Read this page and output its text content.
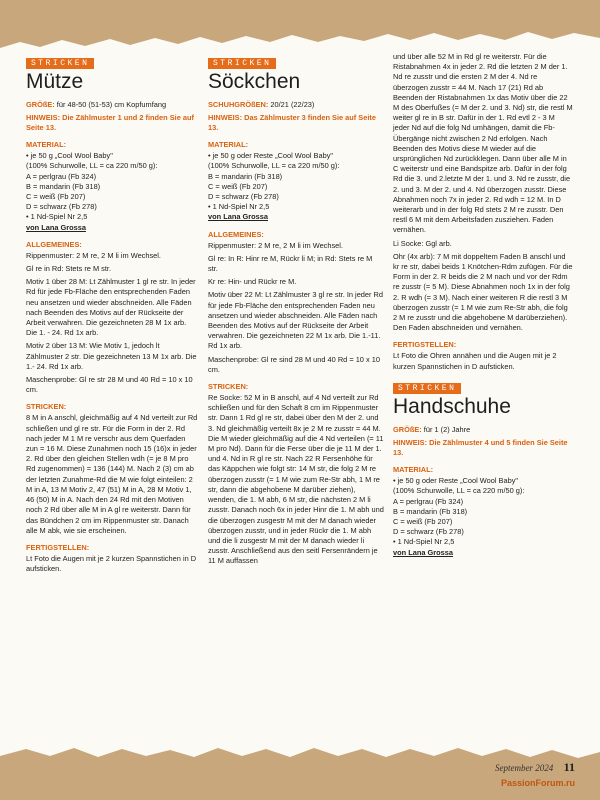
STRICKEN
Mütze

GRÖßE: für 48-50 (51-53) cm Kopfumfang

HINWEIS: Die Zählmuster 1 und 2 finden Sie auf Seite 13.

MATERIAL:
• je 50 g „Cool Wool Baby"
(100% Schurwolle, LL = ca 220 m/50 g):
A = perlgrau (Fb 324)
B = mandarin (Fb 318)
C = weiß (Fb 207)
D = schwarz (Fb 278)
• 1 Nd-Spiel Nr 2,5
von Lana Grossa
ALLGEMEINES:

Rippenmuster: 2 M re, 2 M li im Wechsel.

Gl re in Rd: Stets re M str.

Motiv 1 über 28 M: Lt Zählmuster 1 gl re str. In jeder Rd für jede Fb-Fläche den entsprechenden Faden neu ansetzen und wieder abschneiden. Alle Fäden nach Beenden des Motivs auf der Rückseite der Arbeit verwahren. Die gezeichneten 28 M 1x arb. Die 1. - 24. Rd 1x arb.

Motiv 2 über 13 M: Wie Motiv 1, jedoch lt Zählmuster 2 str. Die gezeichneten 13 M 1x arb. Die 1.- 24. Rd 1x arb.

Maschenprobe: Gl re str 28 M und 40 Rd = 10 x 10 cm.

STRICKEN:

8 M in A anschl, gleichmäßig auf 4 Nd verteilt zur Rd schließen und gl re str. Für die Form in der 2. Rd nach jeder M 1 M re verschr aus dem Querfaden zun = 16 M. Diese Zunahmen noch 15 (16)x in jeder 2. Rd über den gleichen Stellen wdh (= je 8 M pro Rd zugenommen) = 136 (144) M. Nach 2 (3) cm ab der letzten Zunahme-Rd die M wie folgt einteilen: 2 M in A, 13 M Motiv 2, 47 (51) M in A, 28 M Motiv 1, 46 (50) M in A. Nach den 24 Rd mit den Motiven noch 2 Rd über alle M in A gl re weiterstr. Dann für das Bündchen 2 cm im Rippenmuster str. Danach alle M abk, wie sie erscheinen.

FERTIGSTELLEN:

Lt Foto die Augen mit je 2 kurzen Spannstichen in D aufsticken.

STRICKEN
Söckchen

SCHUHGRÖßEN: 20/21 (22/23)

HINWEIS: Das Zählmuster 3 finden Sie auf Seite 13.

MATERIAL:
• je 50 g oder Reste „Cool Wool Baby"
(100% Schurwolle, LL = ca 220 m/50 g):
B = mandarin (Fb 318)
C = weiß (Fb 207)
D = schwarz (Fb 278)
• 1 Nd-Spiel Nr 2,5
von Lana Grossa
ALLGEMEINES:

Rippenmuster: 2 M re, 2 M li im Wechsel.

Gl re: In R: Hinr re M, Rückr li M; in Rd: Stets re M str.

Kr re: Hin- und Rückr re M.

Motiv über 22 M: Lt Zählmuster 3 gl re str. In jeder Rd für jede Fb-Fläche den entsprechenden Faden neu ansetzen und wieder abschneiden. Alle Fäden nach Beenden des Motivs auf der Rückseite der Arbeit verwahren. Die gezeichneten 22 M 1x arb. Die 1.-11. Rd 1x arb.

Maschenprobe: Gl re sind 28 M und 40 Rd = 10 x 10 cm.

STRICKEN:

Re Socke: 52 M in B anschl, auf 4 Nd verteilt zur Rd schließen und für den Schaft 8 cm im Rippenmuster str. Dann 1 Rd gl re str, dabei über den M der 2. und 3. Nd gleichmäßig verteilt 8x je 2 M re zusstr = 44 M. Die M wieder gleichmäßig auf die 4 Nd verteilen (= 11 M pro Nd). Dann für die Ferse über die je 11 M der 1. und 4. Nd in R gl re str. Nach 22 R Fersenhöhe für das Käppchen wie folgt str: 14 M str, die folg 2 M re überzogen zusstr (= 1 M wie zum Re-Str abh, 1 M re str, dann die abgehobene M darüber ziehen), wenden, die 1. M abh, 6 M str, die nächsten 2 M li zusstr. Danach noch 6x in jeder Hinr die 1. M abh und die überzogen zusgestr M mit der M danach wieder überzogen zusstr, und in jeder Rückr die 1. M abh und die li zusgestr M mit der M danach wieder li zusstr. Anschließend aus den seitl Fersenrändern je 11 M auffassen

und über alle 52 M in Rd gl re weiterstr. Für die Ristabnahmen 4x in jeder 2. Rd die letzten 2 M der 1. Nd re zusstr und die ersten 2 M der 4. Nd re überzogen zusstr = 44 M. Nach 17 (21) Rd ab Beenden der Ristabnahmen 1x das Motiv über die 22 M des Oberfußes (= M der 2. und 3. Nd) str, die restl M weiter gl re in B str. Dafür in der 1. Rd evtl 2 - 3 M jeder Nd auf die folg Nd umhängen, damit die Fb-Übergänge nicht zwischen 2 Nd erfolgen. Nach Beenden des Motivs diese M wieder auf die ursprünglichen Nd zurückklegen. Dann über alle M in C weiterstr und eine Bandspitze arb. Dafür in der folg Rd die 3. und 2.letzte M der 1. und 3. Nd re zusstr, die 2. und 3. M der 2. und 4. Nd überzogen zusstr. Diese Abnahmen noch 7x in jeder 2. Rd wdh = 12 M. In D weiterarb und in der folg Rd stets 2 M re zusstr. Den restl 6 M mit dem Arbeitsfaden zusziehen. Faden vernähen.

Li Socke: Ggl arb.

Ohr (4x arb): 7 M mit doppeltem Faden B anschl und kr re str, dabei beids 1 Knötchen-Rdm zufügen. Für die Form in der 2. R beids die 2 M nach und vor der Rdm re zusstr (= 5 M). Diese Abnahmen noch 1x in der folg 2. R wdh (= 3 M). Nach einer weiteren R die restl 3 M überzogen zusstr (= 1 M wie zum Re-Str abh, die folg 2 M re zusstr und die abgehobene M darüberziehen). Den Faden abschneiden und vernähen.

FERTIGSTELLEN:

Lt Foto die Ohren annähen und die Augen mit je 2 kurzen Spannstichen in D aufsticken.

STRICKEN
Handschuhe

GRÖßE: für 1 (2) Jahre

HINWEIS: Die Zählmuster 4 und 5 finden Sie Seite 13.

MATERIAL:
• je 50 g oder Reste „Cool Wool Baby"
(100% Schurwolle, LL = ca 220 m/50 g):
A = perlgrau (Fb 324)
B = mandarin (Fb 318)
C = weiß (Fb 207)
D = schwarz (Fb 278)
• 1 Nd-Spiel Nr 2,5
von Lana Grossa
September 2024 11
PassionForum.ru
